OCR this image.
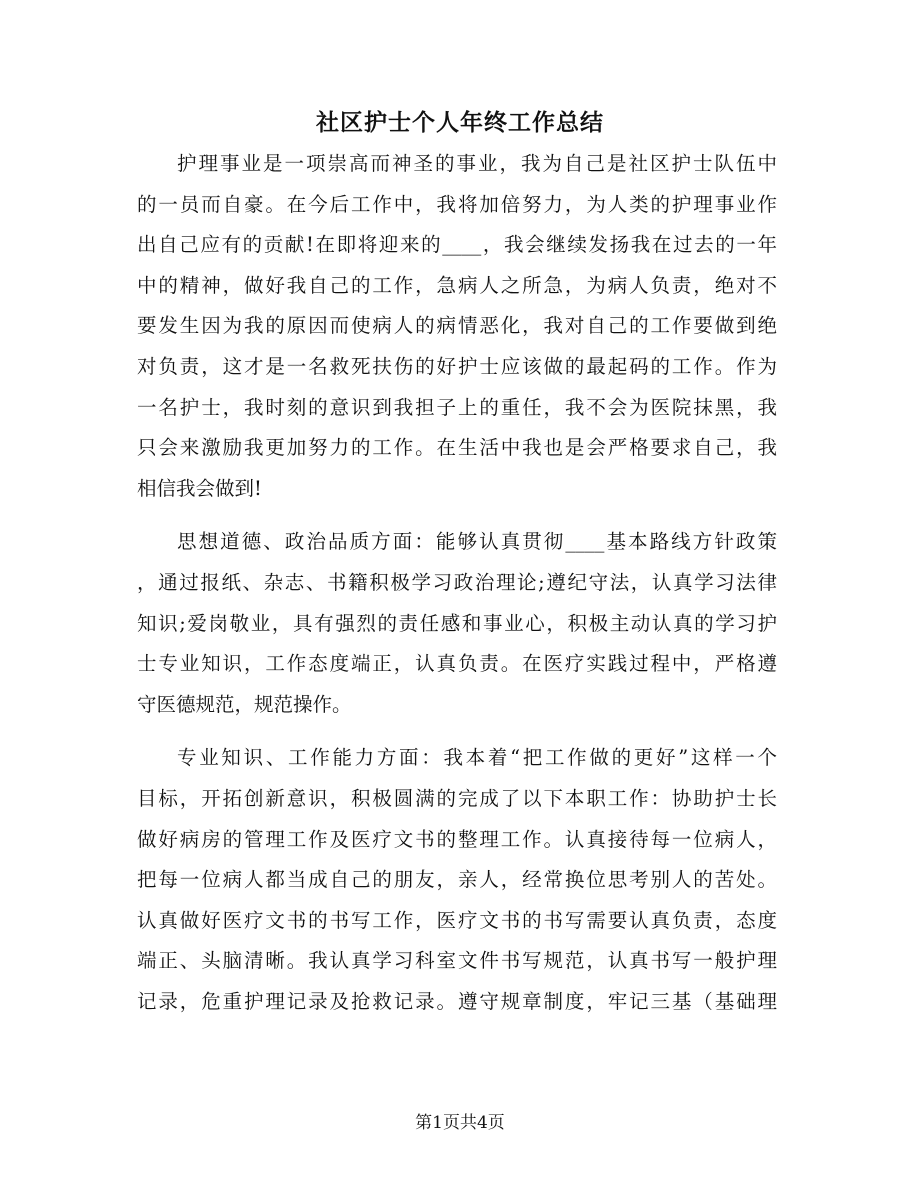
社区护士个人年终工作总结
护理事业是一项崇高而神圣的事业，我为自己是社区护士队伍中
的一员而自豪。在今后工作中，我将加倍努力，为人类的护理事业作
出自己应有的贡献!在即将迎来的____，我会继续发扬我在过去的一年
中的精神，做好我自己的工作，急病人之所急，为病人负责，绝对不
要发生因为我的原因而使病人的病情恶化，我对自己的工作要做到绝
对负责，这才是一名救死扶伤的好护士应该做的最起码的工作。作为
一名护士，我时刻的意识到我担子上的重任，我不会为医院抹黑，我
只会来激励我更加努力的工作。在生活中我也是会严格要求自己，我
相信我会做到!
思想道德、政治品质方面：能够认真贯彻____基本路线方针政策
，通过报纸、杂志、书籍积极学习政治理论;遵纪守法，认真学习法律
知识;爱岗敬业，具有强烈的责任感和事业心，积极主动认真的学习护
士专业知识，工作态度端正，认真负责。在医疗实践过程中，严格遵
守医德规范，规范操作。
专业知识、工作能力方面：我本着“把工作做的更好”这样一个
目标，开拓创新意识，积极圆满的完成了以下本职工作：协助护士长
做好病房的管理工作及医疗文书的整理工作。认真接待每一位病人，
把每一位病人都当成自己的朋友，亲人，经常换位思考别人的苦处。
认真做好医疗文书的书写工作，医疗文书的书写需要认真负责，态度
端正、头脑清晰。我认真学习科室文件书写规范，认真书写一般护理
记录，危重护理记录及抢救记录。遵守规章制度，牢记三基（基础理
第1页共4页
